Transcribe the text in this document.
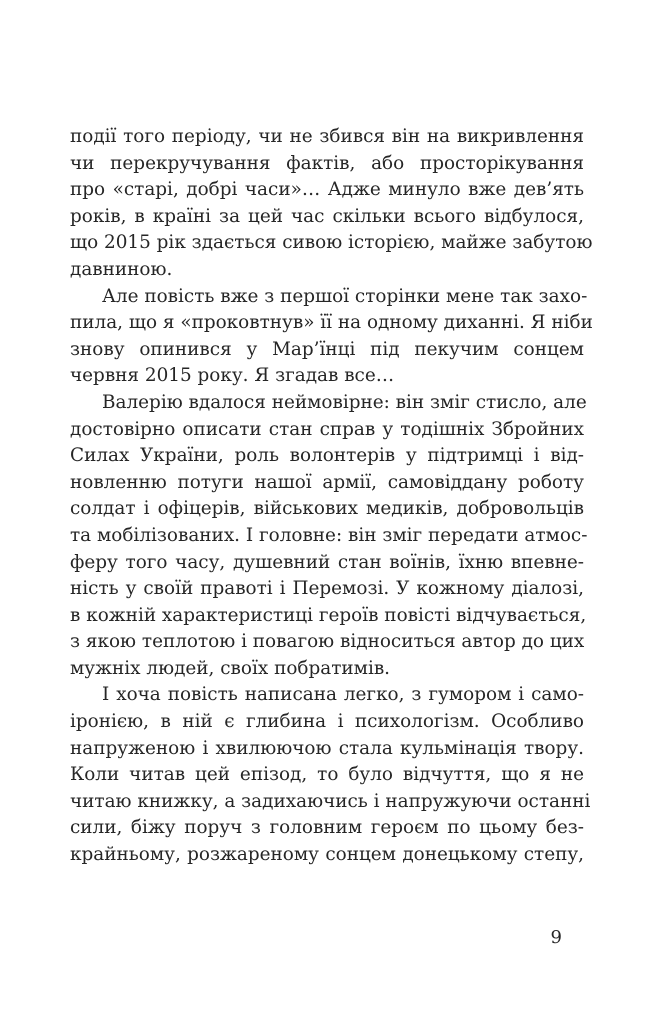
події того періоду, чи не збився він на викривлення
чи перекручування фактів, або просторікування
про «старі, добрі часи»… Адже минуло вже дев’ять
років, в країні за цей час скільки всього відбулося,
що 2015 рік здається сивою історією, майже забутою
давниною.
Але повість вже з першої сторінки мене так захо-
пила, що я «проковтнув» її на одному диханні. Я ніби
знову опинився у Мар’їнці під пекучим сонцем
червня 2015 року. Я згадав все…
Валерію вдалося неймовірне: він зміг стисло, але
достовірно описати стан справ у тодішніх Збройних
Силах України, роль волонтерів у підтримці і від-
новленню потуги нашої армії, самовіддану роботу
солдат і офіцерів, військових медиків, добровольців
та мобілізованих. І головне: він зміг передати атмос-
феру того часу, душевний стан воїнів, їхню впевне-
ність у своїй правоті і Перемозі. У кожному діалозі,
в кожній характеристиці героїв повісті відчувається,
з якою теплотою і повагою відноситься автор до цих
мужніх людей, своїх побратимів.
І хоча повість написана легко, з гумором і само-
іронією, в ній є глибина і психологізм. Особливо
напруженою і хвилюючою стала кульмінація твору.
Коли читав цей епізод, то було відчуття, що я не
читаю книжку, а задихаючись і напружуючи останні
сили, біжу поруч з головним героєм по цьому без-
крайньому, розжареному сонцем донецькому степу,
9
